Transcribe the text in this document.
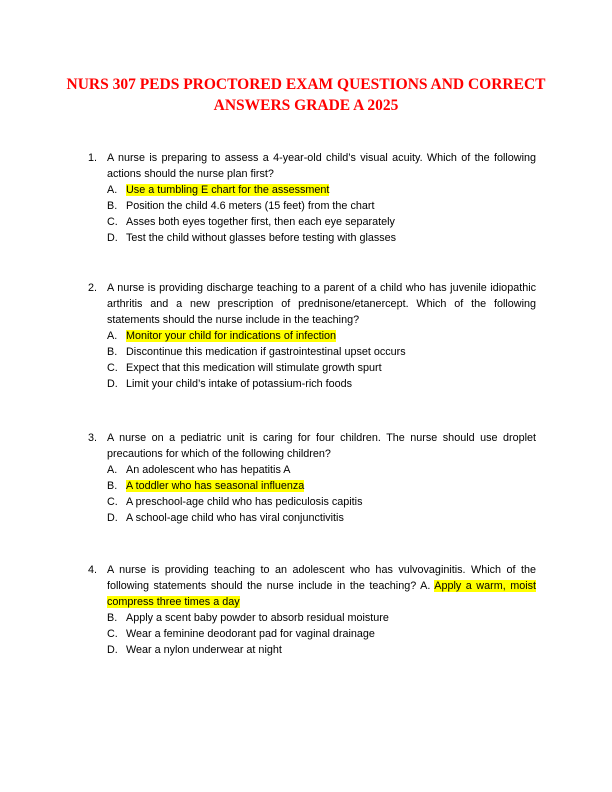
NURS 307 PEDS PROCTORED EXAM QUESTIONS AND CORRECT
ANSWERS GRADE A 2025
1. A nurse is preparing to assess a 4-year-old child’s visual acuity. Which of the following actions should the nurse plan first?
A. Use a tumbling E chart for the assessment
B. Position the child 4.6 meters (15 feet) from the chart
C. Asses both eyes together first, then each eye separately
D. Test the child without glasses before testing with glasses
2. A nurse is providing discharge teaching to a parent of a child who has juvenile idiopathic arthritis and a new prescription of prednisone/etanercept. Which of the following statements should the nurse include in the teaching?
A. Monitor your child for indications of infection
B. Discontinue this medication if gastrointestinal upset occurs
C. Expect that this medication will stimulate growth spurt
D. Limit your child’s intake of potassium-rich foods
3. A nurse on a pediatric unit is caring for four children. The nurse should use droplet precautions for which of the following children?
A. An adolescent who has hepatitis A
B. A toddler who has seasonal influenza
C. A preschool-age child who has pediculosis capitis
D. A school-age child who has viral conjunctivitis
4. A nurse is providing teaching to an adolescent who has vulvovaginitis. Which of the following statements should the nurse include in the teaching? A. Apply a warm, moist compress three times a day
B. Apply a scent baby powder to absorb residual moisture
C. Wear a feminine deodorant pad for vaginal drainage
D. Wear a nylon underwear at night
